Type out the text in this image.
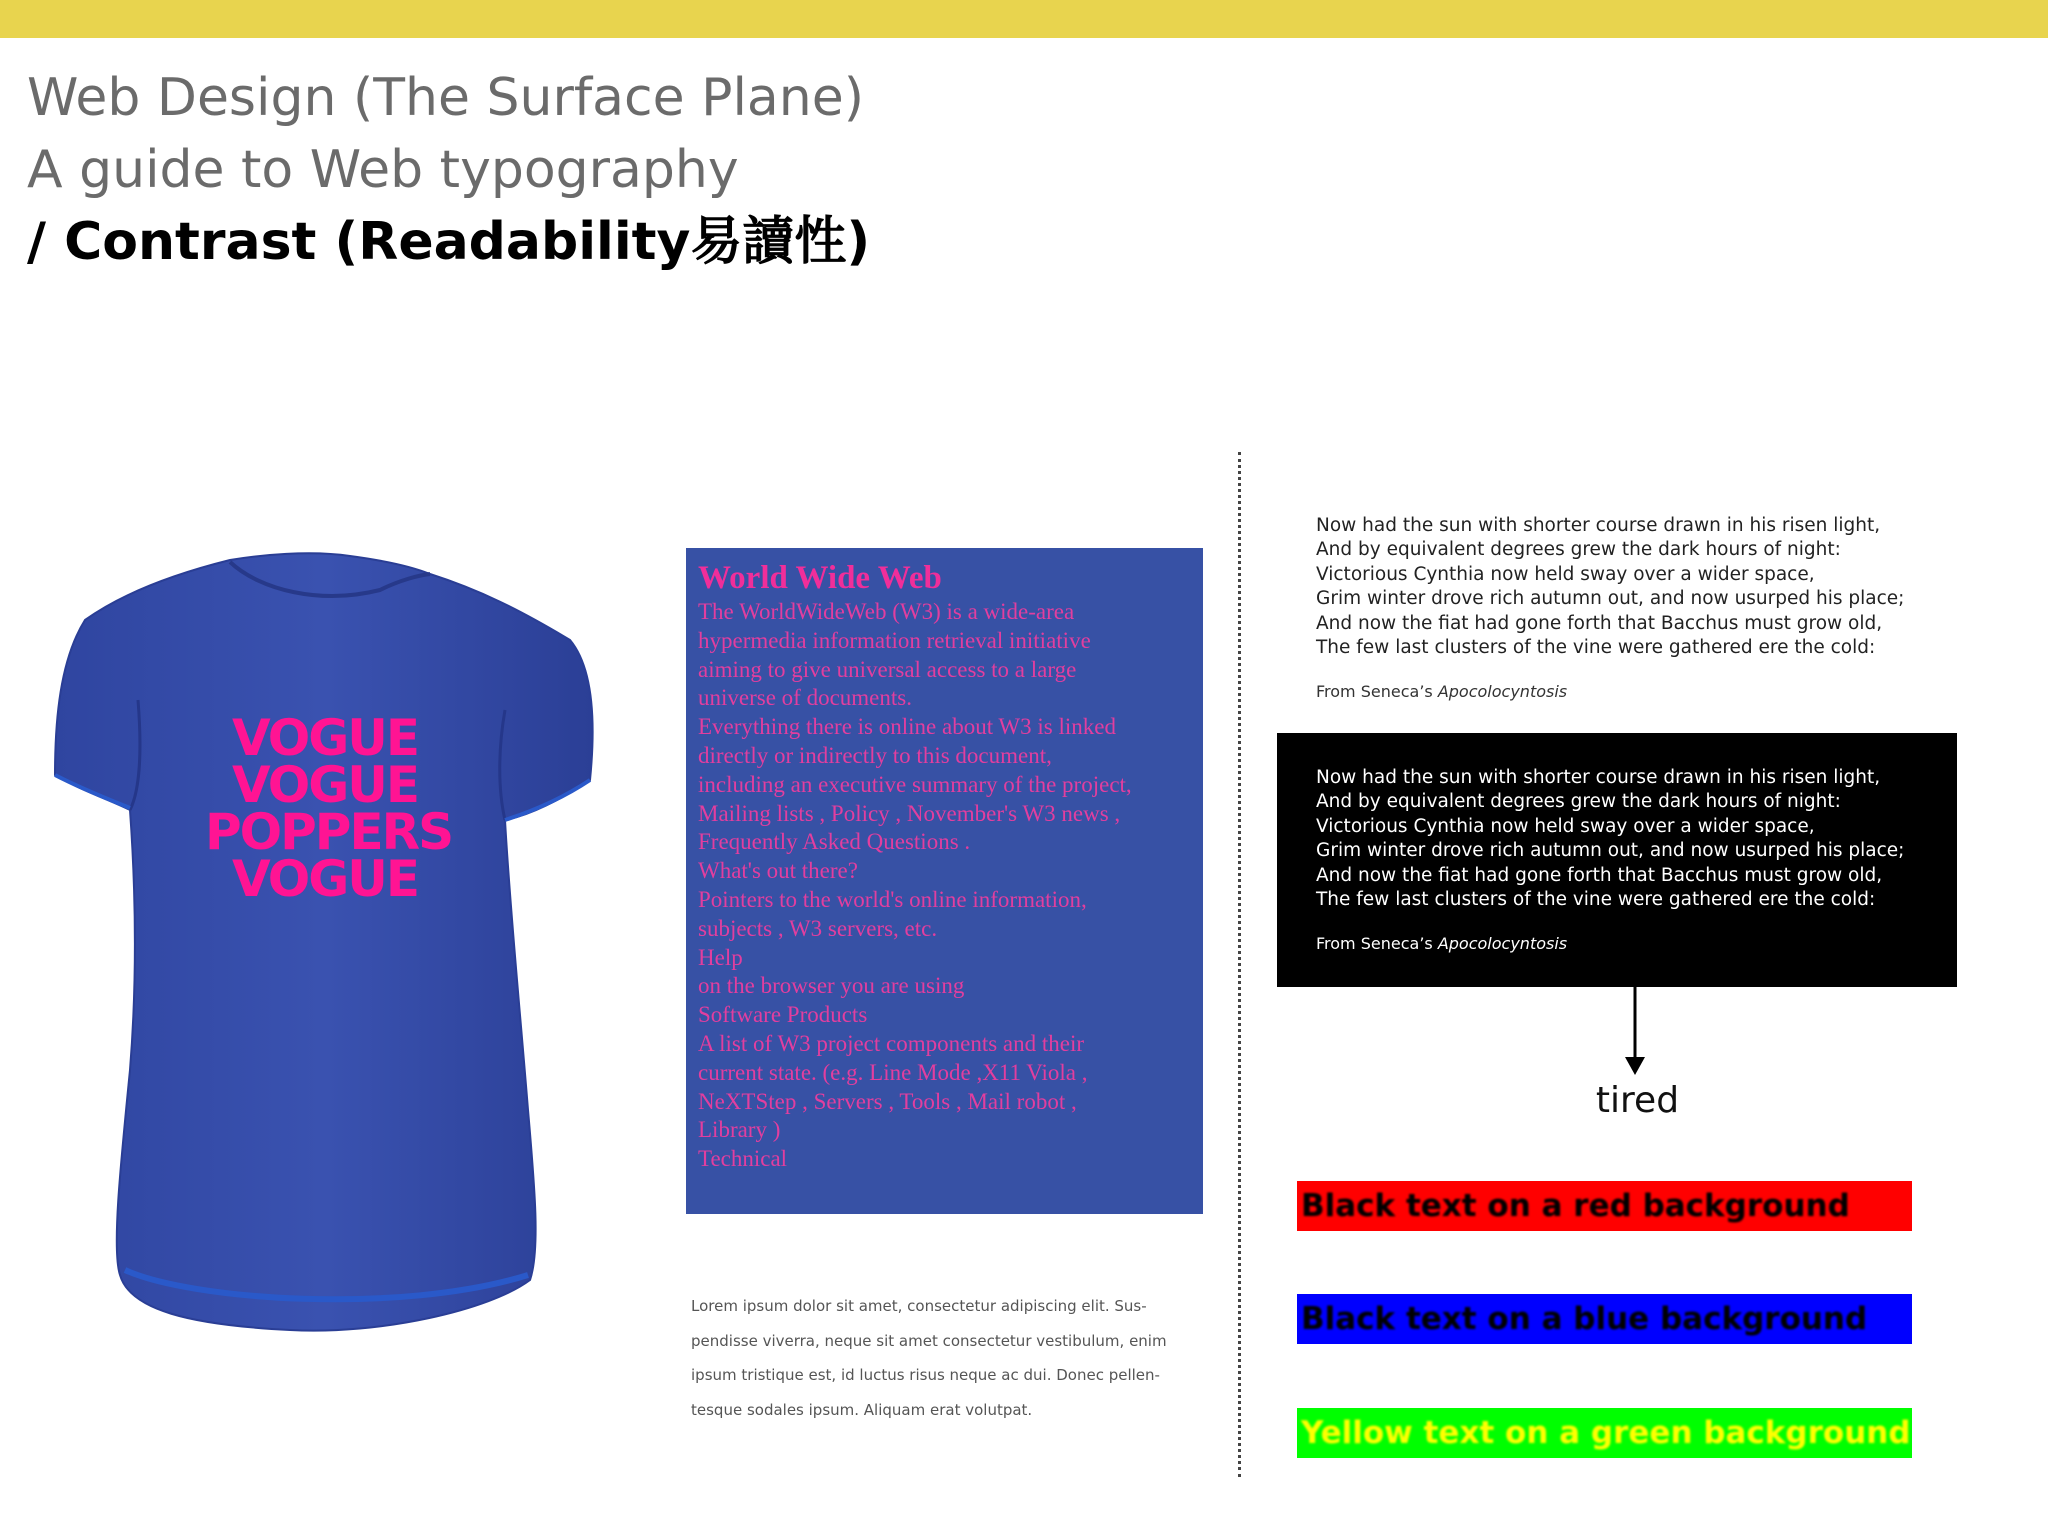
Web Design (The Surface Plane)
A guide to Web typography
/ Contrast (Readability易讀性)
VOGUE
VOGUE
POPPERS
VOGUE
World Wide Web
The WorldWideWeb (W3) is a wide-area
hypermedia information retrieval initiative
aiming to give universal access to a large
universe of documents.
Everything there is online about W3 is linked
directly or indirectly to this document,
including an executive summary of the project,
Mailing lists , Policy , November's W3 news ,
Frequently Asked Questions .
What's out there?
Pointers to the world's online information,
subjects , W3 servers, etc.
Help
on the browser you are using
Software Products
A list of W3 project components and their
current state. (e.g. Line Mode ,X11 Viola ,
NeXTStep , Servers , Tools , Mail robot ,
Library )
Technical
Lorem ipsum dolor sit amet, consectetur adipiscing elit. Sus-
pendisse viverra, neque sit amet consectetur vestibulum, enim
ipsum tristique est, id luctus risus neque ac dui. Donec pellen-
tesque sodales ipsum. Aliquam erat volutpat.
Now had the sun with shorter course drawn in his risen light,
And by equivalent degrees grew the dark hours of night:
Victorious Cynthia now held sway over a wider space,
Grim winter drove rich autumn out, and now usurped his place;
And now the fiat had gone forth that Bacchus must grow old,
The few last clusters of the vine were gathered ere the cold:
From Seneca’s Apocolocyntosis
Now had the sun with shorter course drawn in his risen light,
And by equivalent degrees grew the dark hours of night:
Victorious Cynthia now held sway over a wider space,
Grim winter drove rich autumn out, and now usurped his place;
And now the fiat had gone forth that Bacchus must grow old,
The few last clusters of the vine were gathered ere the cold:
From Seneca’s Apocolocyntosis
tired
Black text on a red background
Black text on a blue background
Yellow text on a green background
